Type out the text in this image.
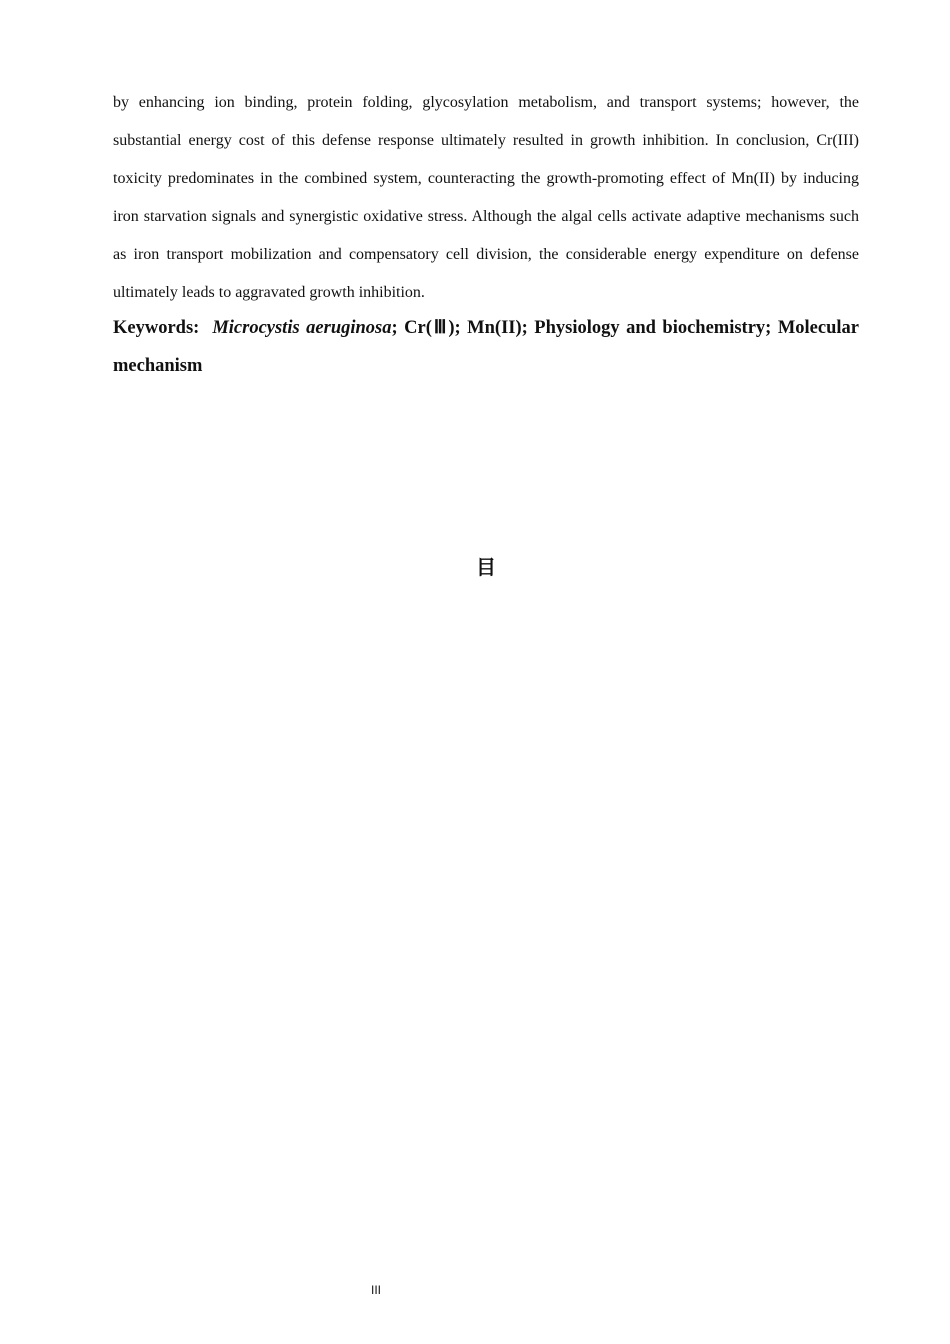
by enhancing ion binding, protein folding, glycosylation metabolism, and transport systems; however, the substantial energy cost of this defense response ultimately resulted in growth inhibition. In conclusion, Cr(III) toxicity predominates in the combined system, counteracting the growth-promoting effect of Mn(II) by inducing iron starvation signals and synergistic oxidative stress. Although the algal cells activate adaptive mechanisms such as iron transport mobilization and compensatory cell division, the considerable energy expenditure on defense ultimately leads to aggravated growth inhibition.

Keywords: Microcystis aeruginosa; Cr(Ⅲ); Mn(II); Physiology and biochemistry; Molecular mechanism

目
III
